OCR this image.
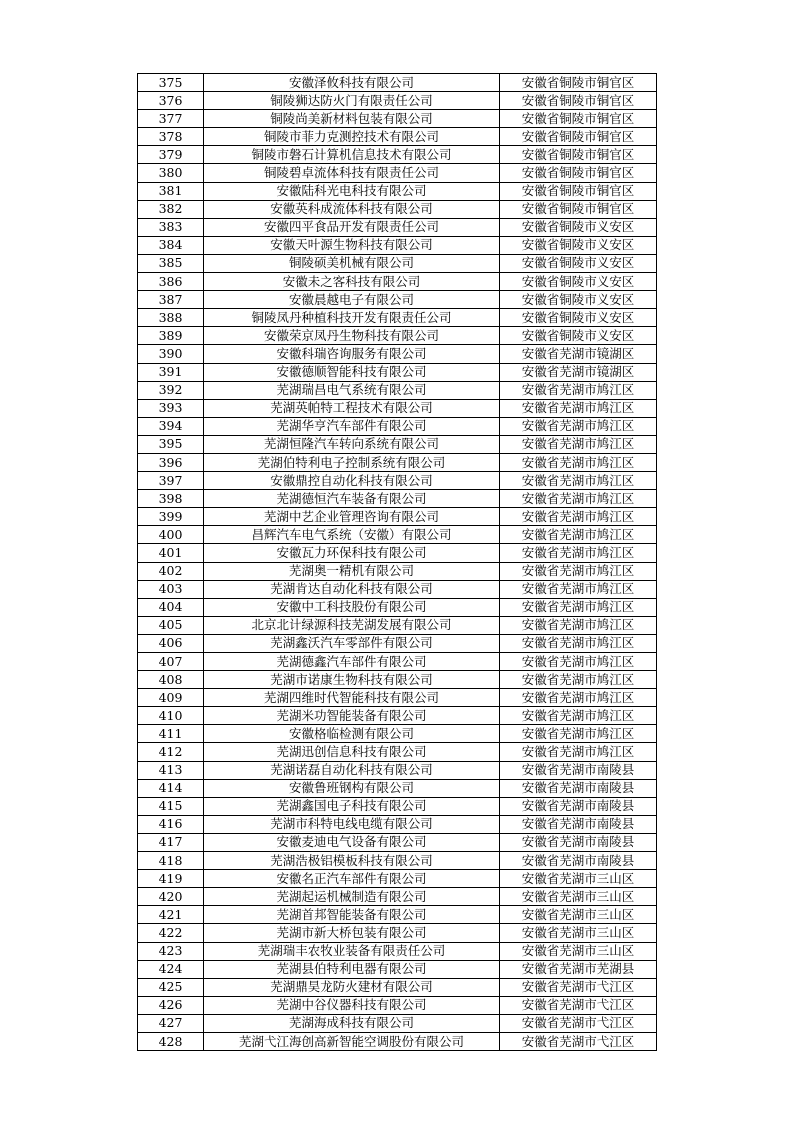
375	安徽泽攸科技有限公司	安徽省铜陵市铜官区
376	铜陵狮达防火门有限责任公司	安徽省铜陵市铜官区
377	铜陵尚美新材料包装有限公司	安徽省铜陵市铜官区
378	铜陵市菲力克测控技术有限公司	安徽省铜陵市铜官区
379	铜陵市磐石计算机信息技术有限公司	安徽省铜陵市铜官区
380	铜陵碧卓流体科技有限责任公司	安徽省铜陵市铜官区
381	安徽陆科光电科技有限公司	安徽省铜陵市铜官区
382	安徽英科成流体科技有限公司	安徽省铜陵市铜官区
383	安徽四平食品开发有限责任公司	安徽省铜陵市义安区
384	安徽天叶源生物科技有限公司	安徽省铜陵市义安区
385	铜陵硕美机械有限公司	安徽省铜陵市义安区
386	安徽未之客科技有限公司	安徽省铜陵市义安区
387	安徽晨越电子有限公司	安徽省铜陵市义安区
388	铜陵凤丹种植科技开发有限责任公司	安徽省铜陵市义安区
389	安徽荣京凤丹生物科技有限公司	安徽省铜陵市义安区
390	安徽科瑞咨询服务有限公司	安徽省芜湖市镜湖区
391	安徽德顺智能科技有限公司	安徽省芜湖市镜湖区
392	芜湖瑞昌电气系统有限公司	安徽省芜湖市鸠江区
393	芜湖英帕特工程技术有限公司	安徽省芜湖市鸠江区
394	芜湖华亨汽车部件有限公司	安徽省芜湖市鸠江区
395	芜湖恒隆汽车转向系统有限公司	安徽省芜湖市鸠江区
396	芜湖伯特利电子控制系统有限公司	安徽省芜湖市鸠江区
397	安徽鼎控自动化科技有限公司	安徽省芜湖市鸠江区
398	芜湖德恒汽车装备有限公司	安徽省芜湖市鸠江区
399	芜湖中艺企业管理咨询有限公司	安徽省芜湖市鸠江区
400	昌辉汽车电气系统（安徽）有限公司	安徽省芜湖市鸠江区
401	安徽瓦力环保科技有限公司	安徽省芜湖市鸠江区
402	芜湖奥一精机有限公司	安徽省芜湖市鸠江区
403	芜湖肯达自动化科技有限公司	安徽省芜湖市鸠江区
404	安徽中工科技股份有限公司	安徽省芜湖市鸠江区
405	北京北计绿源科技芜湖发展有限公司	安徽省芜湖市鸠江区
406	芜湖鑫沃汽车零部件有限公司	安徽省芜湖市鸠江区
407	芜湖德鑫汽车部件有限公司	安徽省芜湖市鸠江区
408	芜湖市诺康生物科技有限公司	安徽省芜湖市鸠江区
409	芜湖四维时代智能科技有限公司	安徽省芜湖市鸠江区
410	芜湖米功智能装备有限公司	安徽省芜湖市鸠江区
411	安徽格临检测有限公司	安徽省芜湖市鸠江区
412	芜湖迅创信息科技有限公司	安徽省芜湖市鸠江区
413	芜湖诺磊自动化科技有限公司	安徽省芜湖市南陵县
414	安徽鲁班钢构有限公司	安徽省芜湖市南陵县
415	芜湖鑫国电子科技有限公司	安徽省芜湖市南陵县
416	芜湖市科特电线电缆有限公司	安徽省芜湖市南陵县
417	安徽麦迪电气设备有限公司	安徽省芜湖市南陵县
418	芜湖浩极铝模板科技有限公司	安徽省芜湖市南陵县
419	安徽名正汽车部件有限公司	安徽省芜湖市三山区
420	芜湖起运机械制造有限公司	安徽省芜湖市三山区
421	芜湖首邦智能装备有限公司	安徽省芜湖市三山区
422	芜湖市新大桥包装有限公司	安徽省芜湖市三山区
423	芜湖瑞丰农牧业装备有限责任公司	安徽省芜湖市三山区
424	芜湖县伯特利电器有限公司	安徽省芜湖市芜湖县
425	芜湖鼎昊龙防火建材有限公司	安徽省芜湖市弋江区
426	芜湖中谷仪器科技有限公司	安徽省芜湖市弋江区
427	芜湖海成科技有限公司	安徽省芜湖市弋江区
428	芜湖弋江海创高新智能空调股份有限公司	安徽省芜湖市弋江区
